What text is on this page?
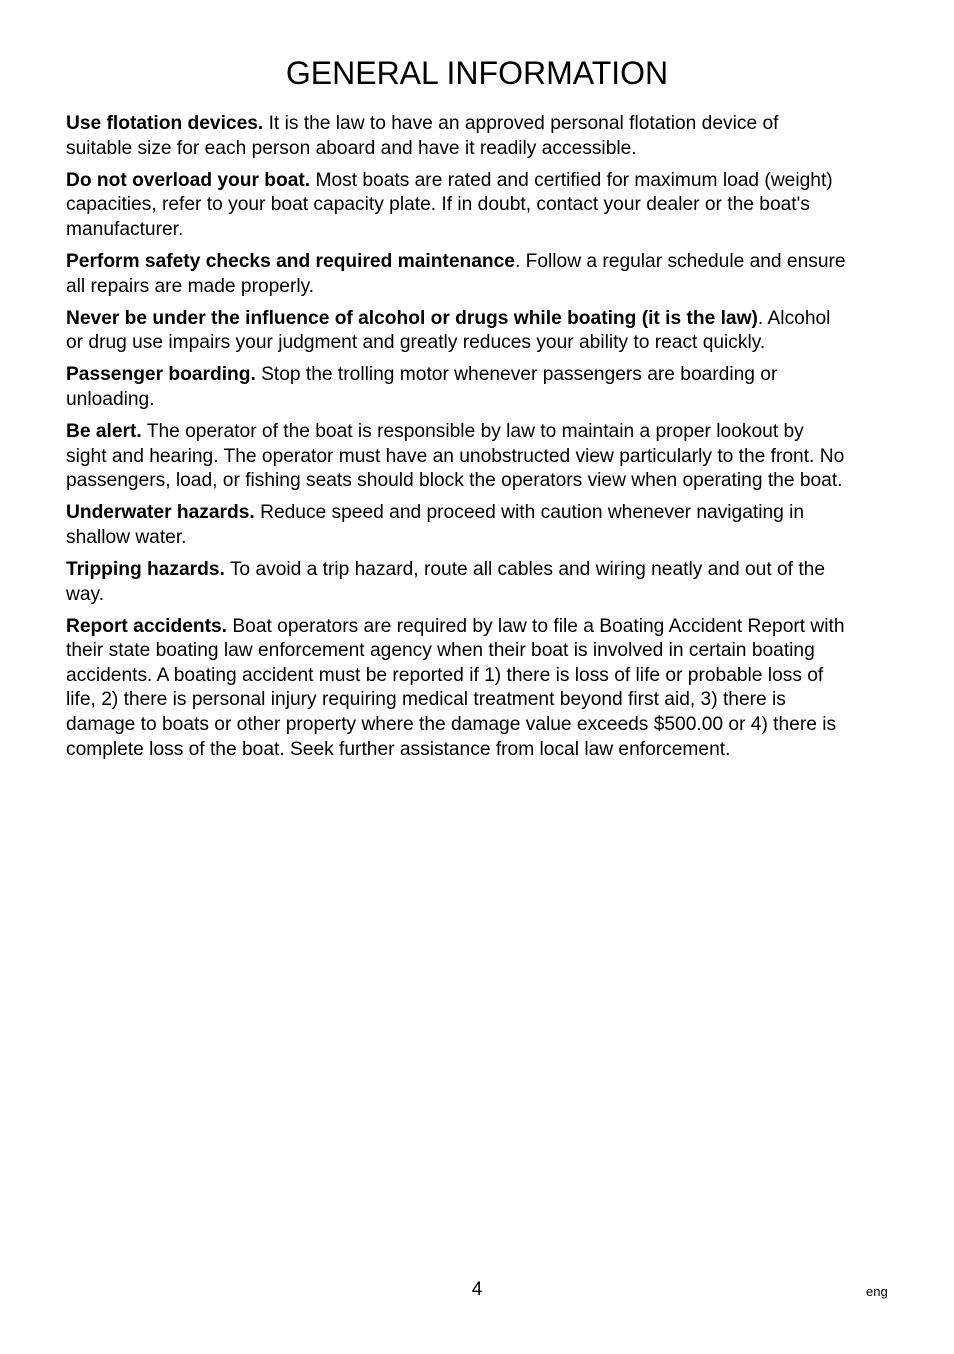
GENERAL INFORMATION

Use flotation devices. It is the law to have an approved personal flotation device of suitable size for each person aboard and have it readily accessible.

Do not overload your boat. Most boats are rated and certified for maximum load (weight) capacities, refer to your boat capacity plate. If in doubt, contact your dealer or the boat's manufacturer.

Perform safety checks and required maintenance. Follow a regular schedule and ensure all repairs are made properly.

Never be under the influence of alcohol or drugs while boating (it is the law). Alcohol or drug use impairs your judgment and greatly reduces your ability to react quickly.

Passenger boarding. Stop the trolling motor whenever passengers are boarding or unloading.

Be alert. The operator of the boat is responsible by law to maintain a proper lookout by sight and hearing. The operator must have an unobstructed view particularly to the front. No passengers, load, or fishing seats should block the operators view when operating the boat.

Underwater hazards. Reduce speed and proceed with caution whenever navigating in shallow water.

Tripping hazards. To avoid a trip hazard, route all cables and wiring neatly and out of the way.

Report accidents. Boat operators are required by law to file a Boating Accident Report with their state boating law enforcement agency when their boat is involved in certain boating accidents. A boating accident must be reported if 1) there is loss of life or probable loss of life, 2) there is personal injury requiring medical treatment beyond first aid, 3) there is damage to boats or other property where the damage value exceeds $500.00 or 4) there is complete loss of the boat. Seek further assistance from local law enforcement.

4	eng
